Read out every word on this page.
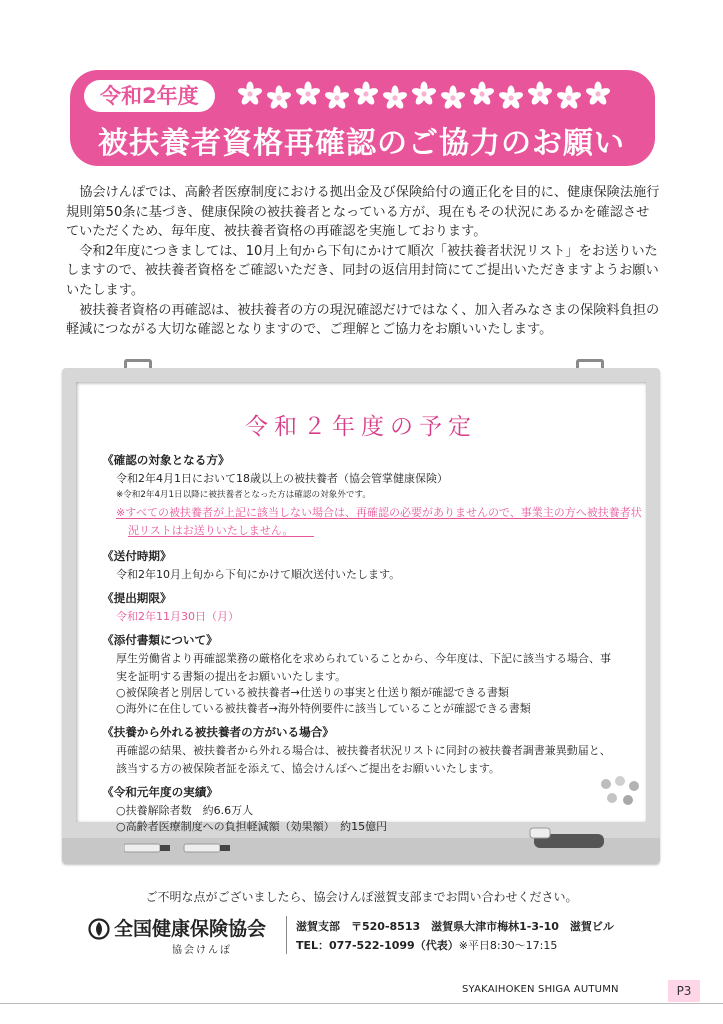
令和2年度
被扶養者資格再確認のご協力のお願い

協会けんぽでは、高齢者医療制度における拠出金及び保険給付の適正化を目的に、健康保険法施行規則第50条に基づき、健康保険の被扶養者となっている方が、現在もその状況にあるかを確認させていただくため、毎年度、被扶養者資格の再確認を実施しております。

令和2年度につきましては、10月上旬から下旬にかけて順次「被扶養者状況リスト」をお送りいたしますので、被扶養者資格をご確認いただき、同封の返信用封筒にてご提出いただきますようお願いいたします。

被扶養者資格の再確認は、被扶養者の方の現況確認だけではなく、加入者みなさまの保険料負担の軽減につながる大切な確認となりますので、ご理解とご協力をお願いいたします。

令和２年度の予定
《確認の対象となる方》
令和2年4月1日において18歳以上の被扶養者（協会管掌健康保険）
※令和2年4月1日以降に被扶養者となった方は確認の対象外です。
※すべての被扶養者が上記に該当しない場合は、再確認の必要がありませんので、事業主の方へ被扶養者状
況リストはお送りいたしません。
《送付時期》
令和2年10月上旬から下旬にかけて順次送付いたします。
《提出期限》
令和2年11月30日（月）
《添付書類について》
厚生労働省より再確認業務の厳格化を求められていることから、今年度は、下記に該当する場合、事
実を証明する書類の提出をお願いいたします。
○被保険者と別居している被扶養者→仕送りの事実と仕送り額が確認できる書類
○海外に在住している被扶養者→海外特例要件に該当していることが確認できる書類
《扶養から外れる被扶養者の方がいる場合》
再確認の結果、被扶養者から外れる場合は、被扶養者状況リストに同封の被扶養者調書兼異動届と、
該当する方の被保険者証を添えて、協会けんぽへご提出をお願いいたします。
《令和元年度の実績》
○扶養解除者数　約6.6万人
○高齢者医療制度への負担軽減額（効果額）　約15億円
ご不明な点がございましたら、協会けんぽ滋賀支部までお問い合わせください。
全国健康保険協会
協会けんぽ
滋賀支部　〒520-8513　滋賀県大津市梅林1-3-10　滋賀ビル
TEL：077-522-1099（代表）※平日8:30～17:15
SYAKAIHOKEN SHIGA AUTUMN	P3
